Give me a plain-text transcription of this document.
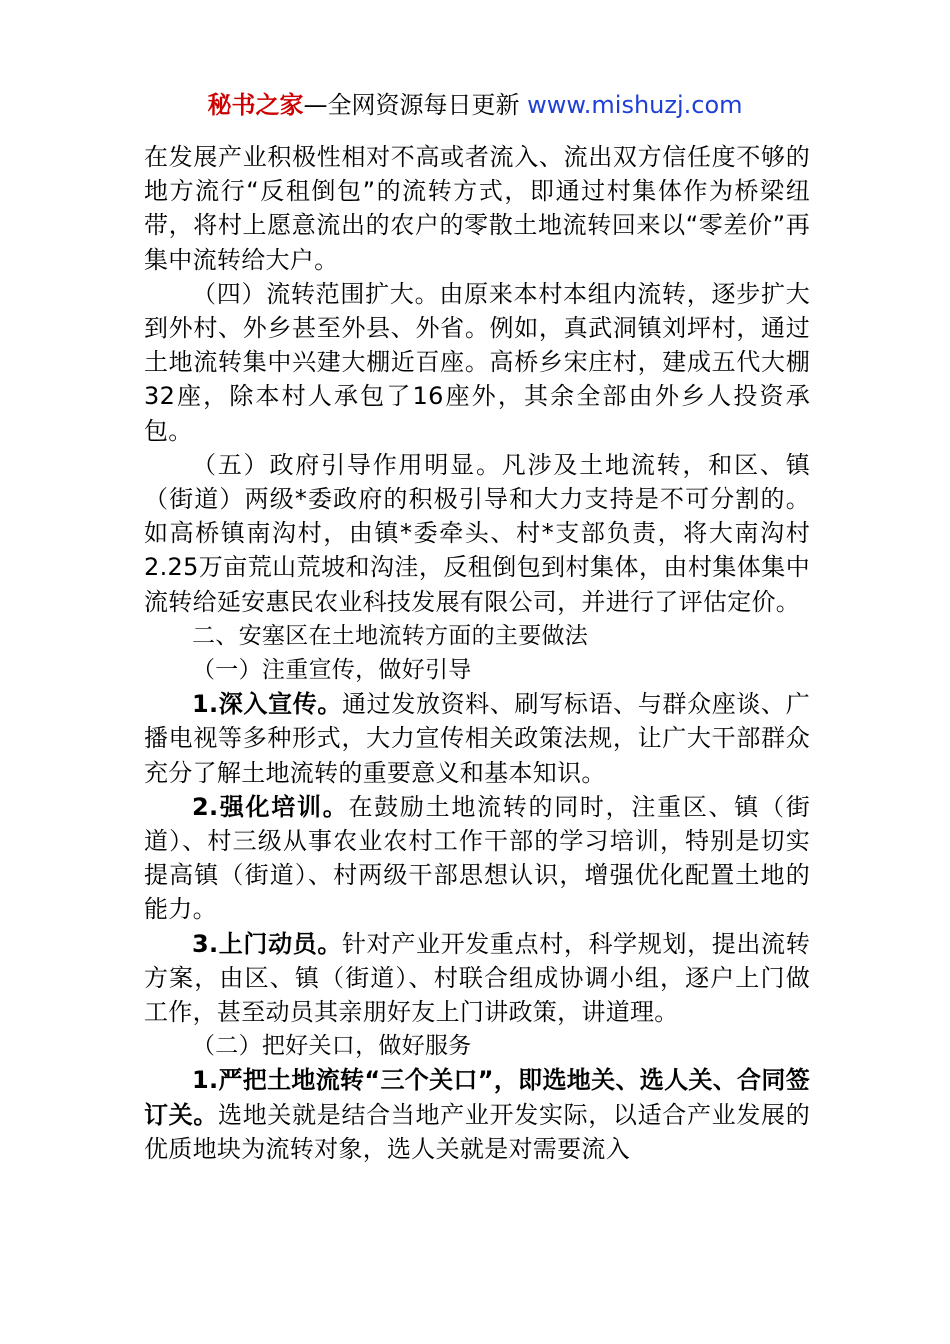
秘书之家—全网资源每日更新 www.mishuzj.com

在发展产业积极性相对不高或者流入、流出双方信任度不够的地方流行“反租倒包”的流转方式，即通过村集体作为桥梁纽带，将村上愿意流出的农户的零散土地流转回来以“零差价”再集中流转给大户。

（四）流转范围扩大。由原来本村本组内流转，逐步扩大到外村、外乡甚至外县、外省。例如，真武洞镇刘坪村，通过土地流转集中兴建大棚近百座。高桥乡宋庄村，建成五代大棚32座，除本村人承包了16座外，其余全部由外乡人投资承包。

（五）政府引导作用明显。凡涉及土地流转，和区、镇（街道）两级*委政府的积极引导和大力支持是不可分割的。如高桥镇南沟村，由镇*委牵头、村*支部负责，将大南沟村2.25万亩荒山荒坡和沟洼，反租倒包到村集体，由村集体集中流转给延安惠民农业科技发展有限公司，并进行了评估定价。

二、安塞区在土地流转方面的主要做法

（一）注重宣传，做好引导

1.深入宣传。通过发放资料、刷写标语、与群众座谈、广播电视等多种形式，大力宣传相关政策法规，让广大干部群众充分了解土地流转的重要意义和基本知识。

2.强化培训。在鼓励土地流转的同时，注重区、镇（街道）、村三级从事农业农村工作干部的学习培训，特别是切实提高镇（街道）、村两级干部思想认识，增强优化配置土地的能力。

3.上门动员。针对产业开发重点村，科学规划，提出流转方案，由区、镇（街道）、村联合组成协调小组，逐户上门做工作，甚至动员其亲朋好友上门讲政策，讲道理。

（二）把好关口，做好服务

1.严把土地流转“三个关口”，即选地关、选人关、合同签订关。选地关就是结合当地产业开发实际，以适合产业发展的优质地块为流转对象，选人关就是对需要流入
